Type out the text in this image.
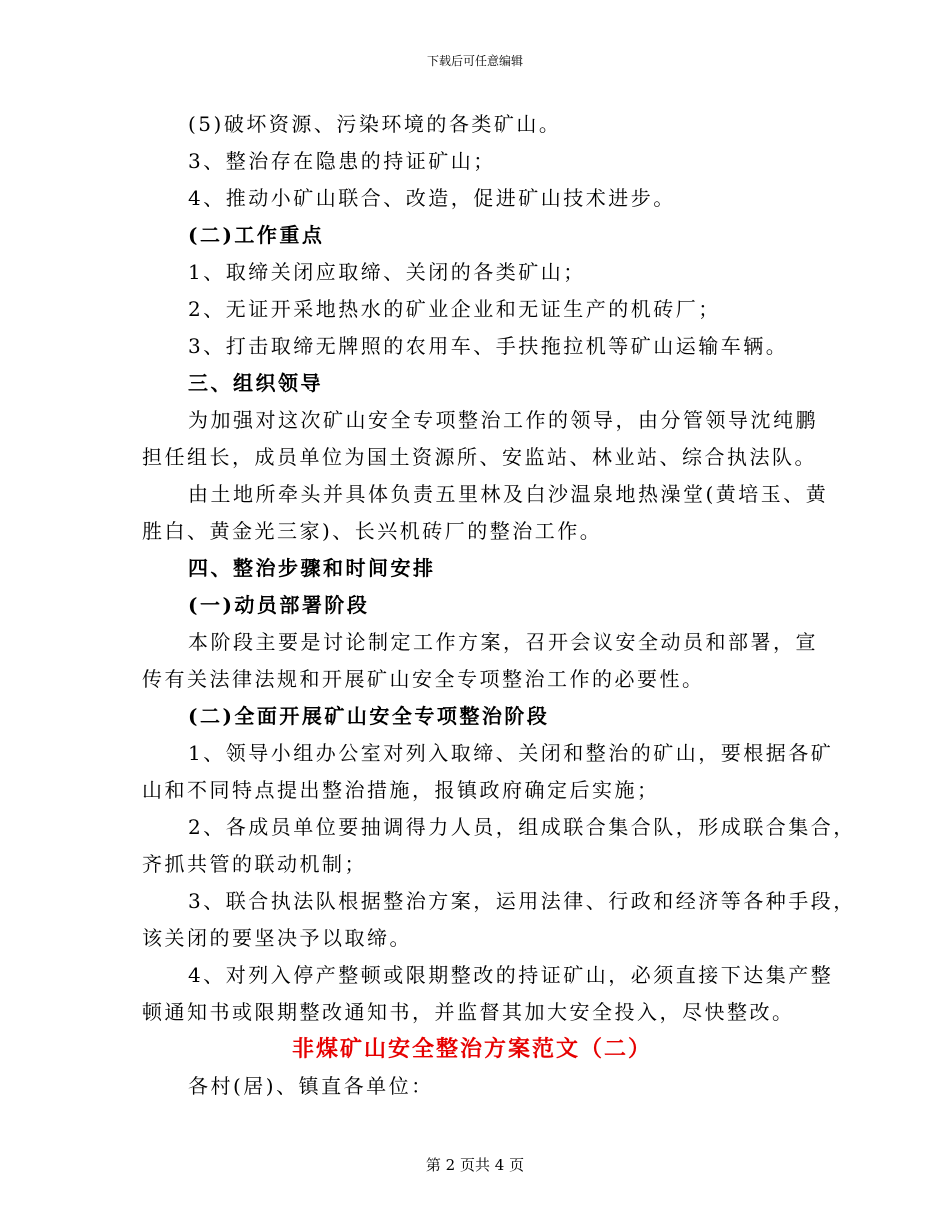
下载后可任意编辑
(5)破坏资源、污染环境的各类矿山。
3、整治存在隐患的持证矿山；
4、推动小矿山联合、改造，促进矿山技术进步。
(二)工作重点
1、取缔关闭应取缔、关闭的各类矿山；
2、无证开采地热水的矿业企业和无证生产的机砖厂；
3、打击取缔无牌照的农用车、手扶拖拉机等矿山运输车辆。
三、组织领导
为加强对这次矿山安全专项整治工作的领导，由分管领导沈纯鹏
担任组长，成员单位为国土资源所、安监站、林业站、综合执法队。
由土地所牵头并具体负责五里林及白沙温泉地热澡堂(黄培玉、黄
胜白、黄金光三家)、长兴机砖厂的整治工作。
四、整治步骤和时间安排
(一)动员部署阶段
本阶段主要是讨论制定工作方案，召开会议安全动员和部署，宣
传有关法律法规和开展矿山安全专项整治工作的必要性。
(二)全面开展矿山安全专项整治阶段
1、领导小组办公室对列入取缔、关闭和整治的矿山，要根据各矿
山和不同特点提出整治措施，报镇政府确定后实施；
2、各成员单位要抽调得力人员，组成联合集合队，形成联合集合，
齐抓共管的联动机制；
3、联合执法队根据整治方案，运用法律、行政和经济等各种手段，
该关闭的要坚决予以取缔。
4、对列入停产整顿或限期整改的持证矿山，必须直接下达集产整
顿通知书或限期整改通知书，并监督其加大安全投入，尽快整改。
非煤矿山安全整治方案范文（二）
各村(居)、镇直各单位：
第 2 页共 4 页
